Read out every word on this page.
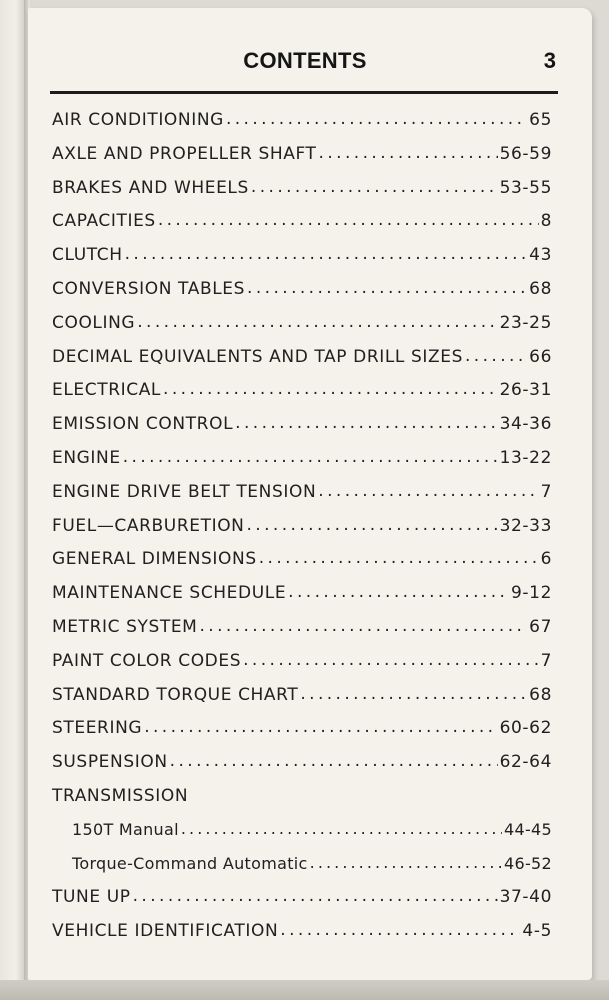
CONTENTS	3
AIR CONDITIONING . . .	65
AXLE AND PROPELLER SHAFT . . .	56-59
BRAKES AND WHEELS . . .	53-55
CAPACITIES . . .	8
CLUTCH . . .	43
CONVERSION TABLES . . .	68
COOLING . . .	23-25
DECIMAL EQUIVALENTS AND TAP DRILL SIZES . . .	66
ELECTRICAL . . .	26-31
EMISSION CONTROL . . .	34-36
ENGINE . . .	13-22
ENGINE DRIVE BELT TENSION . . .	7
FUEL—CARBURETION . . .	32-33
GENERAL DIMENSIONS . . .	6
MAINTENANCE SCHEDULE . . .	9-12
METRIC SYSTEM . . .	67
PAINT COLOR CODES . . .	7
STANDARD TORQUE CHART . . .	68
STEERING . . .	60-62
SUSPENSION . . .	62-64
TRANSMISSION
150T Manual . . .	44-45
Torque-Command Automatic . . .	46-52
TUNE UP . . .	37-40
VEHICLE IDENTIFICATION . . .	4-5
